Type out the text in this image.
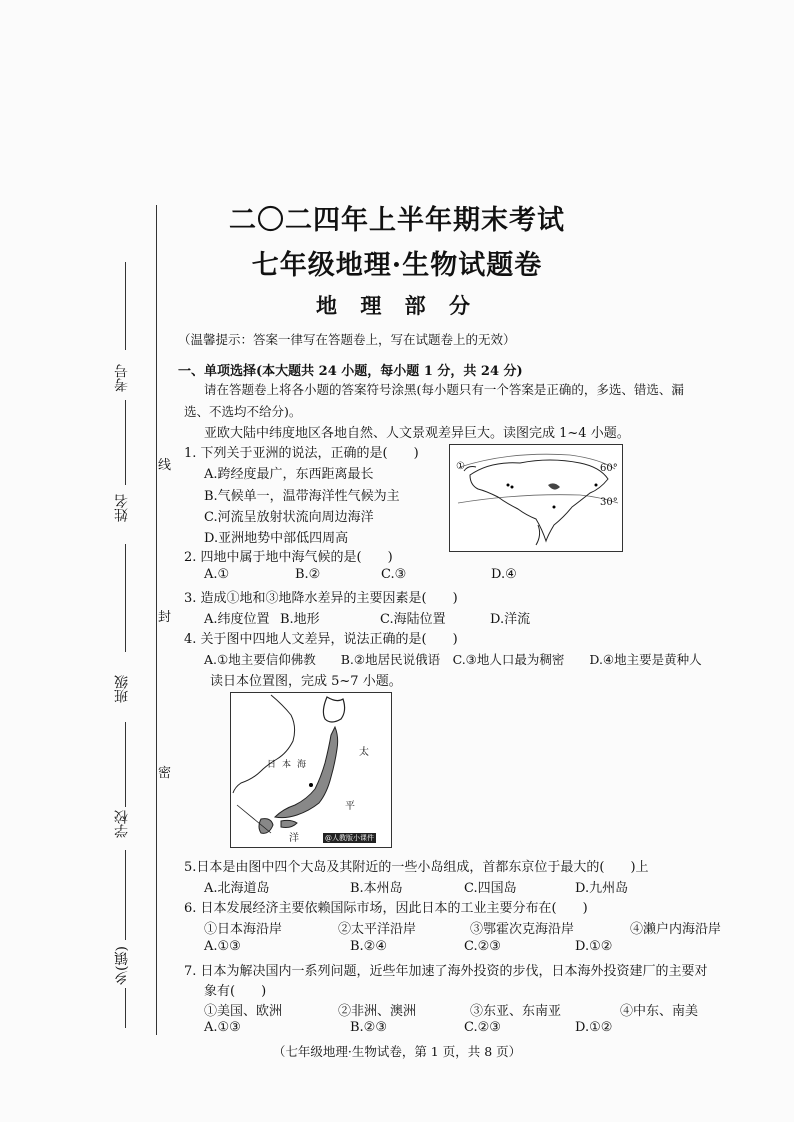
二〇二四年上半年期末考试
七年级地理·生物试题卷
地 理 部 分
（温馨提示：答案一律写在答题卷上，写在试题卷上的无效）
考号
姓名
班级
学校
乡(镇)
线
封
密
一、单项选择(本大题共 24 小题，每小题 1 分，共 24 分)
请在答题卷上将各小题的答案符号涂黑(每小题只有一个答案是正确的，多选、错选、漏
选、不选均不给分)。
亚欧大陆中纬度地区各地自然、人文景观差异巨大。读图完成 1~4 小题。
1. 下列关于亚洲的说法，正确的是(　　)
A.跨经度最广，东西距离最长
B.气候单一，温带海洋性气候为主
C.河流呈放射状流向周边海洋
D.亚洲地势中部低四周高
①	60°
30°
2. 四地中属于地中海气候的是(　　)
A.①	B.②	C.③	D.④
3. 造成①地和③地降水差异的主要因素是(　　)
A.纬度位置 B.地形	C.海陆位置	D.洋流
4. 关于图中四地人文差异，说法正确的是(　　)
A.①地主要信仰佛教　　B.②地居民说俄语　C.③地人口最为稠密　　D.④地主要是黄种人
读日本位置图，完成 5~7 小题。
日本海
太
平
洋	@人教版小课件
5.日本是由图中四个大岛及其附近的一些小岛组成，首都东京位于最大的(　　)上
A.北海道岛	B.本州岛	C.四国岛	D.九州岛
6. 日本发展经济主要依赖国际市场，因此日本的工业主要分布在(　　)
①日本海沿岸	②太平洋沿岸	③鄂霍次克海沿岸	④濑户内海沿岸
A.①③	B.②④	C.②③	D.①②
7. 日本为解决国内一系列问题，近些年加速了海外投资的步伐，日本海外投资建厂的主要对
象有(　　)
①美国、欧洲	②非洲、澳洲	③东亚、东南亚	④中东、南美
A.①③	B.②③	C.②③	D.①②
（七年级地理·生物试卷，第 1 页，共 8 页）
